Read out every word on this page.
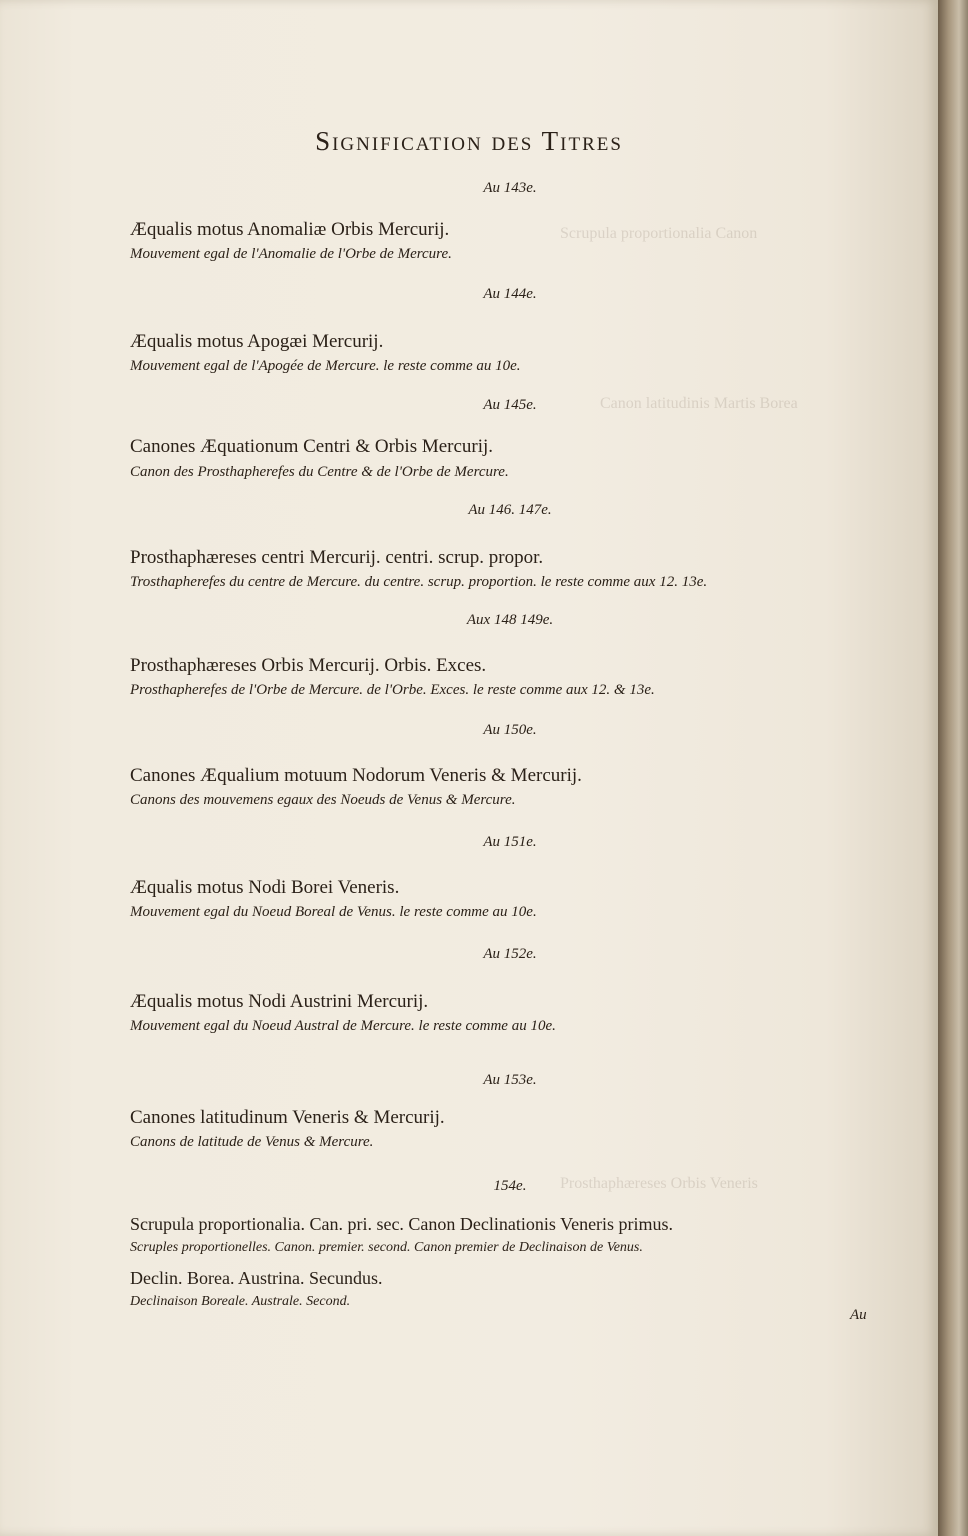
Scrupula proportionalia Canon
Canon latitudinis Martis Borea
Prosthaphæreses Orbis Veneris
Signification des Titres
Au 143e.
Æqualis motus Anomaliæ Orbis Mercurij.
Mouvement egal de l'Anomalie de l'Orbe de Mercure.
Au 144e.
Æqualis motus Apogæi Mercurij.
Mouvement egal de l'Apogée de Mercure. le reste comme au 10e.
Au 145e.
Canones Æquationum Centri & Orbis Mercurij.
Canon des Prosthapherefes du Centre & de l'Orbe de Mercure.
Au 146. 147e.
Prosthaphæreses centri Mercurij. centri. scrup. propor.
Trosthapherefes du centre de Mercure. du centre. scrup. proportion. le reste comme aux 12. 13e.
Aux 148 149e.
Prosthaphæreses Orbis Mercurij. Orbis. Exces.
Prosthapherefes de l'Orbe de Mercure. de l'Orbe. Exces. le reste comme aux 12. & 13e.
Au 150e.
Canones Æqualium motuum Nodorum Veneris & Mercurij.
Canons des mouvemens egaux des Noeuds de Venus & Mercure.
Au 151e.
Æqualis motus Nodi Borei Veneris.
Mouvement egal du Noeud Boreal de Venus. le reste comme au 10e.
Au 152e.
Æqualis motus Nodi Austrini Mercurij.
Mouvement egal du Noeud Austral de Mercure. le reste comme au 10e.
Au 153e.
Canones latitudinum Veneris & Mercurij.
Canons de latitude de Venus & Mercure.
154e.
Scrupula proportionalia. Can. pri. sec. Canon Declinationis Veneris primus.
Scruples proportionelles. Canon. premier. second. Canon premier de Declinaison de Venus.
Declin. Borea. Austrina. Secundus.
Declinaison Boreale. Australe. Second.
Au
